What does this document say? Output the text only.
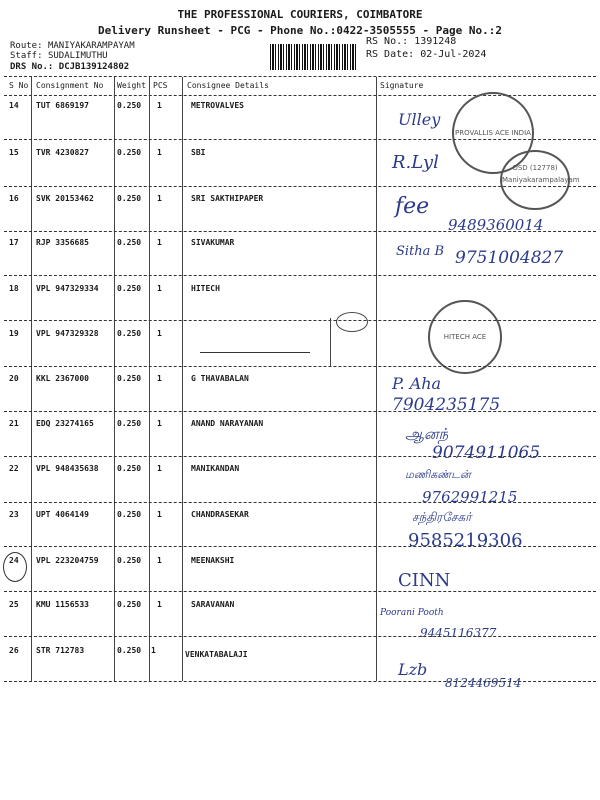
THE PROFESSIONAL COURIERS, COIMBATORE
Delivery Runsheet - PCG - Phone No.:0422-3505555 - Page No.:2
Route: MANIYAKARAMPAYAM
Staff: SUDALIMUTHU
DRS No.: DCJB139124802
RS No.: 1391248
RS Date: 02-Jul-2024
S No Consignment No Weight PCS Consignee Details	Signature
14 TUT 6869197	0.250 1	METROVALVES
Ulley
PROVALLIS ACE INDIA
15 TVR 4230827	0.250 1	SBI	R.Lyl	OSD (12778) Maniyakarampalayam
16 SVK 20153462	0.250 1	SRI SAKTHIPAPER	fee
9489360014
17 RJP 3356685	0.250 1	SIVAKUMAR
Sitha B 9751004827
18 VPL 947329334 0.250 1	HITECH
HITECH ACE
19 VPL 947329328 0.250 1
20 KKL 2367000	0.250 1	G THAVABALAN	P. Aha
7904235175
21 EDQ 23274165	0.250 1	ANAND NARAYANAN
ஆனந்
9074911065
22 VPL 948435638 0.250 1	MANIKANDAN	மணிகண்டன்
9762991215
23 UPT 4064149	0.250 1	CHANDRASEKAR	சந்திரசேகர்
9585219306
24 VPL 223204759 0.250 1	MEENAKSHI
CINN
25 KMU 1156533	0.250 1	SARAVANAN
Poorani Pooth
9445116377
26 STR 712783	0.250 1	VENKATABALAJI
Lzb
8124469514
